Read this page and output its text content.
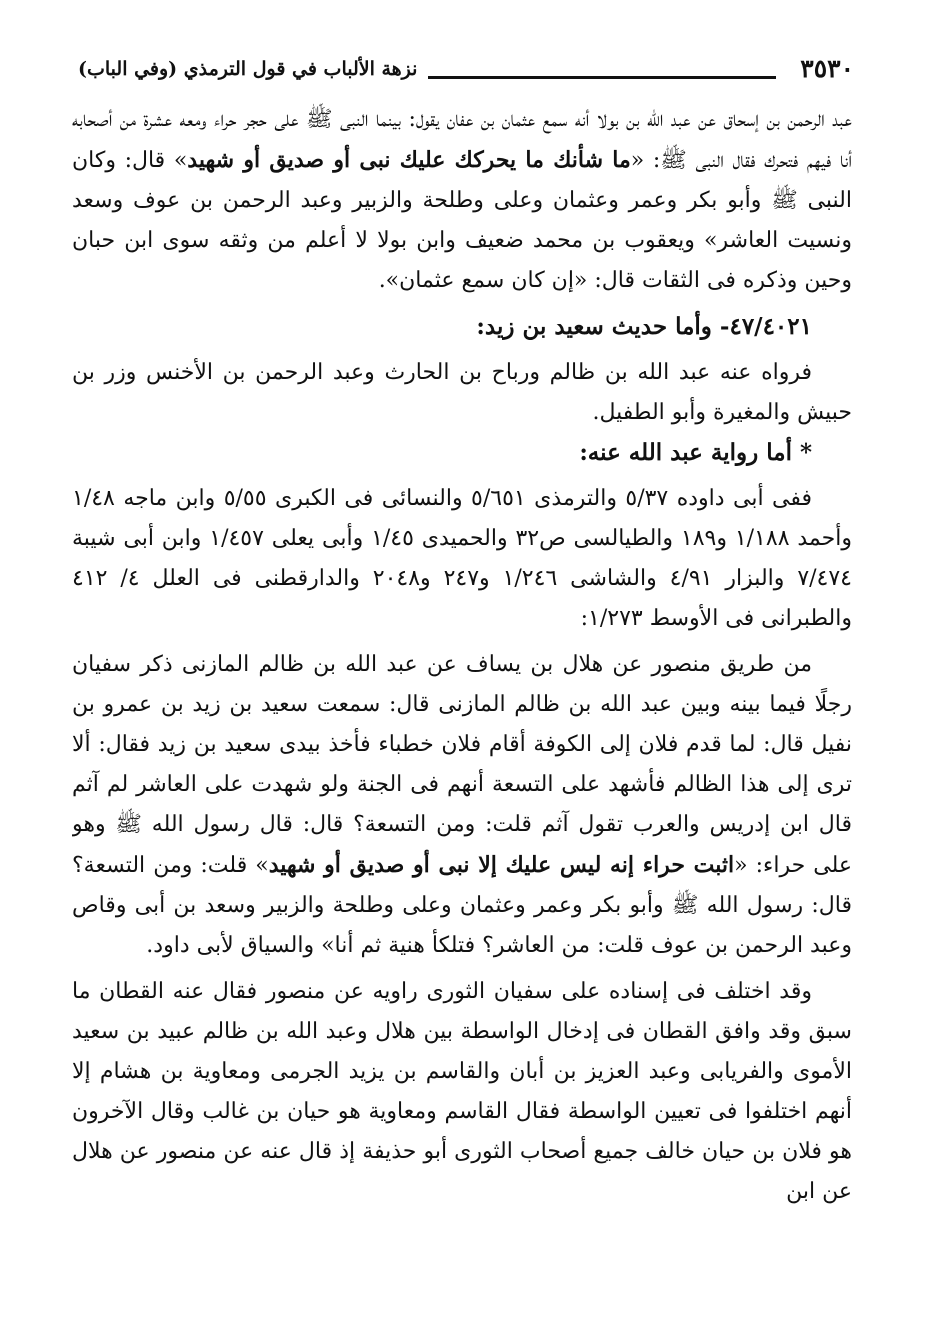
٣٥٣٠
نزهة الألباب في قول الترمذي (وفي الباب)

عبد الرحمن بن إسحاق عن عبد الله بن بولا أنه سمع عثمان بن عفان يقول: بينما النبى ﷺ على حجر حراء ومعه عشرة من أصحابه أنا فيهم فتحرك فقال النبى ﷺ: «ما شأنك ما يحركك عليك نبى أو صديق أو شهيد» قال: وكان النبى ﷺ وأبو بكر وعمر وعثمان وعلى وطلحة والزبير وعبد الرحمن بن عوف وسعد ونسيت العاشر» ويعقوب بن محمد ضعيف وابن بولا لا أعلم من وثقه سوى ابن حبان وحين وذكره فى الثقات قال: «إن كان سمع عثمان».

٤٧/٤٠٢١- وأما حديث سعيد بن زيد:

فرواه عنه عبد الله بن ظالم ورباح بن الحارث وعبد الرحمن بن الأخنس وزر بن حبيش والمغيرة وأبو الطفيل.

* أما رواية عبد الله عنه:

ففى أبى داوده ٥/٣٧ والترمذى ٥/٦٥١ والنسائى فى الكبرى ٥/٥٥ وابن ماجه ١/٤٨ وأحمد ١/١٨٨ و١٨٩ والطيالسى ص٣٢ والحميدى ١/٤٥ وأبى يعلى ١/٤٥٧ وابن أبى شيبة ٧/٤٧٤ والبزار ٤/٩١ والشاشى ١/٢٤٦ و٢٤٧ و٢٠٤٨ والدارقطنى فى العلل ٤/ ٤١٢ والطبرانى فى الأوسط ١/٢٧٣:

من طريق منصور عن هلال بن يساف عن عبد الله بن ظالم المازنى ذكر سفيان رجلًا فيما بينه وبين عبد الله بن ظالم المازنى قال: سمعت سعيد بن زيد بن عمرو بن نفيل قال: لما قدم فلان إلى الكوفة أقام فلان خطباء فأخذ بيدى سعيد بن زيد فقال: ألا ترى إلى هذا الظالم فأشهد على التسعة أنهم فى الجنة ولو شهدت على العاشر لم آثم قال ابن إدريس والعرب تقول آثم قلت: ومن التسعة؟ قال: قال رسول الله ﷺ وهو على حراء: «اثبت حراء إنه ليس عليك إلا نبى أو صديق أو شهيد» قلت: ومن التسعة؟ قال: رسول الله ﷺ وأبو بكر وعمر وعثمان وعلى وطلحة والزبير وسعد بن أبى وقاص وعبد الرحمن بن عوف قلت: من العاشر؟ فتلكأ هنية ثم أنا» والسياق لأبى داود.

وقد اختلف فى إسناده على سفيان الثورى راويه عن منصور فقال عنه القطان ما سبق وقد وافق القطان فى إدخال الواسطة بين هلال وعبد الله بن ظالم عبيد بن سعيد الأموى والفريابى وعبد العزيز بن أبان والقاسم بن يزيد الجرمى ومعاوية بن هشام إلا أنهم اختلفوا فى تعيين الواسطة فقال القاسم ومعاوية هو حيان بن غالب وقال الآخرون هو فلان بن حيان خالف جميع أصحاب الثورى أبو حذيفة إذ قال عنه عن منصور عن هلال عن ابن
